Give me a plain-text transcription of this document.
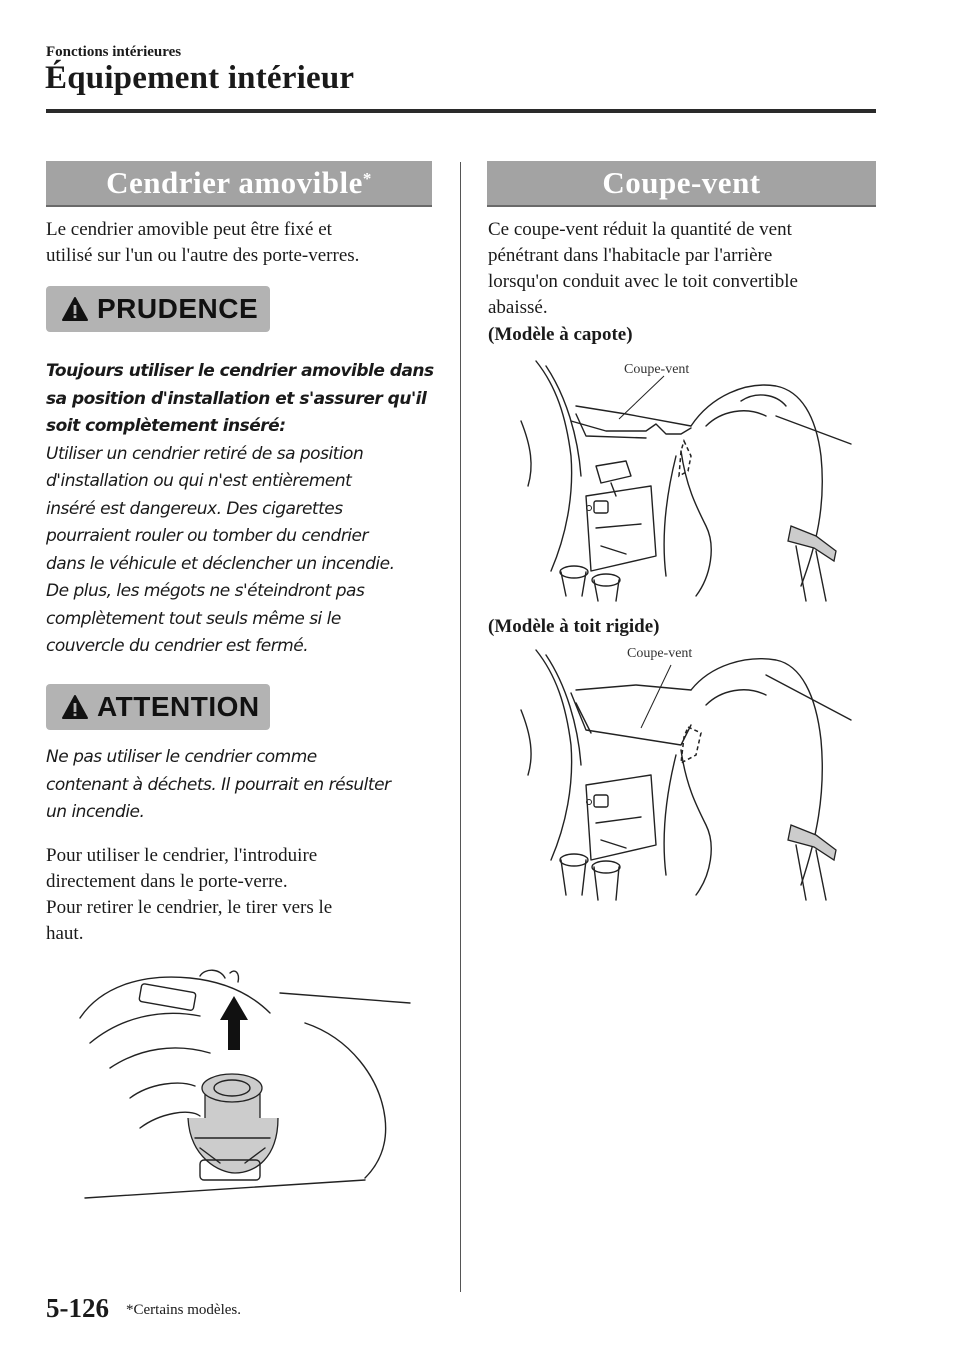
Fonctions intérieures
Équipement intérieur
Cendrier amovible*
Le cendrier amovible peut être fixé et
utilisé sur l'un ou l'autre des porte-verres.
PRUDENCE
Toujours utiliser le cendrier amovible dans
sa position d'installation et s'assurer qu'il
soit complètement inséré:
Utiliser un cendrier retiré de sa position
d'installation ou qui n'est entièrement
inséré est dangereux. Des cigarettes
pourraient rouler ou tomber du cendrier
dans le véhicule et déclencher un incendie.
De plus, les mégots ne s'éteindront pas
complètement tout seuls même si le
couvercle du cendrier est fermé.
ATTENTION
Ne pas utiliser le cendrier comme
contenant à déchets. Il pourrait en résulter
un incendie.
Pour utiliser le cendrier, l'introduire
directement dans le porte-verre.
Pour retirer le cendrier, le tirer vers le
haut.
Coupe-vent
Ce coupe-vent réduit la quantité de vent
pénétrant dans l'habitacle par l'arrière
lorsqu'on conduit avec le toit convertible
abaissé.
(Modèle à capote)
Coupe-vent
(Modèle à toit rigide)
Coupe-vent
5-126 *Certains modèles.
